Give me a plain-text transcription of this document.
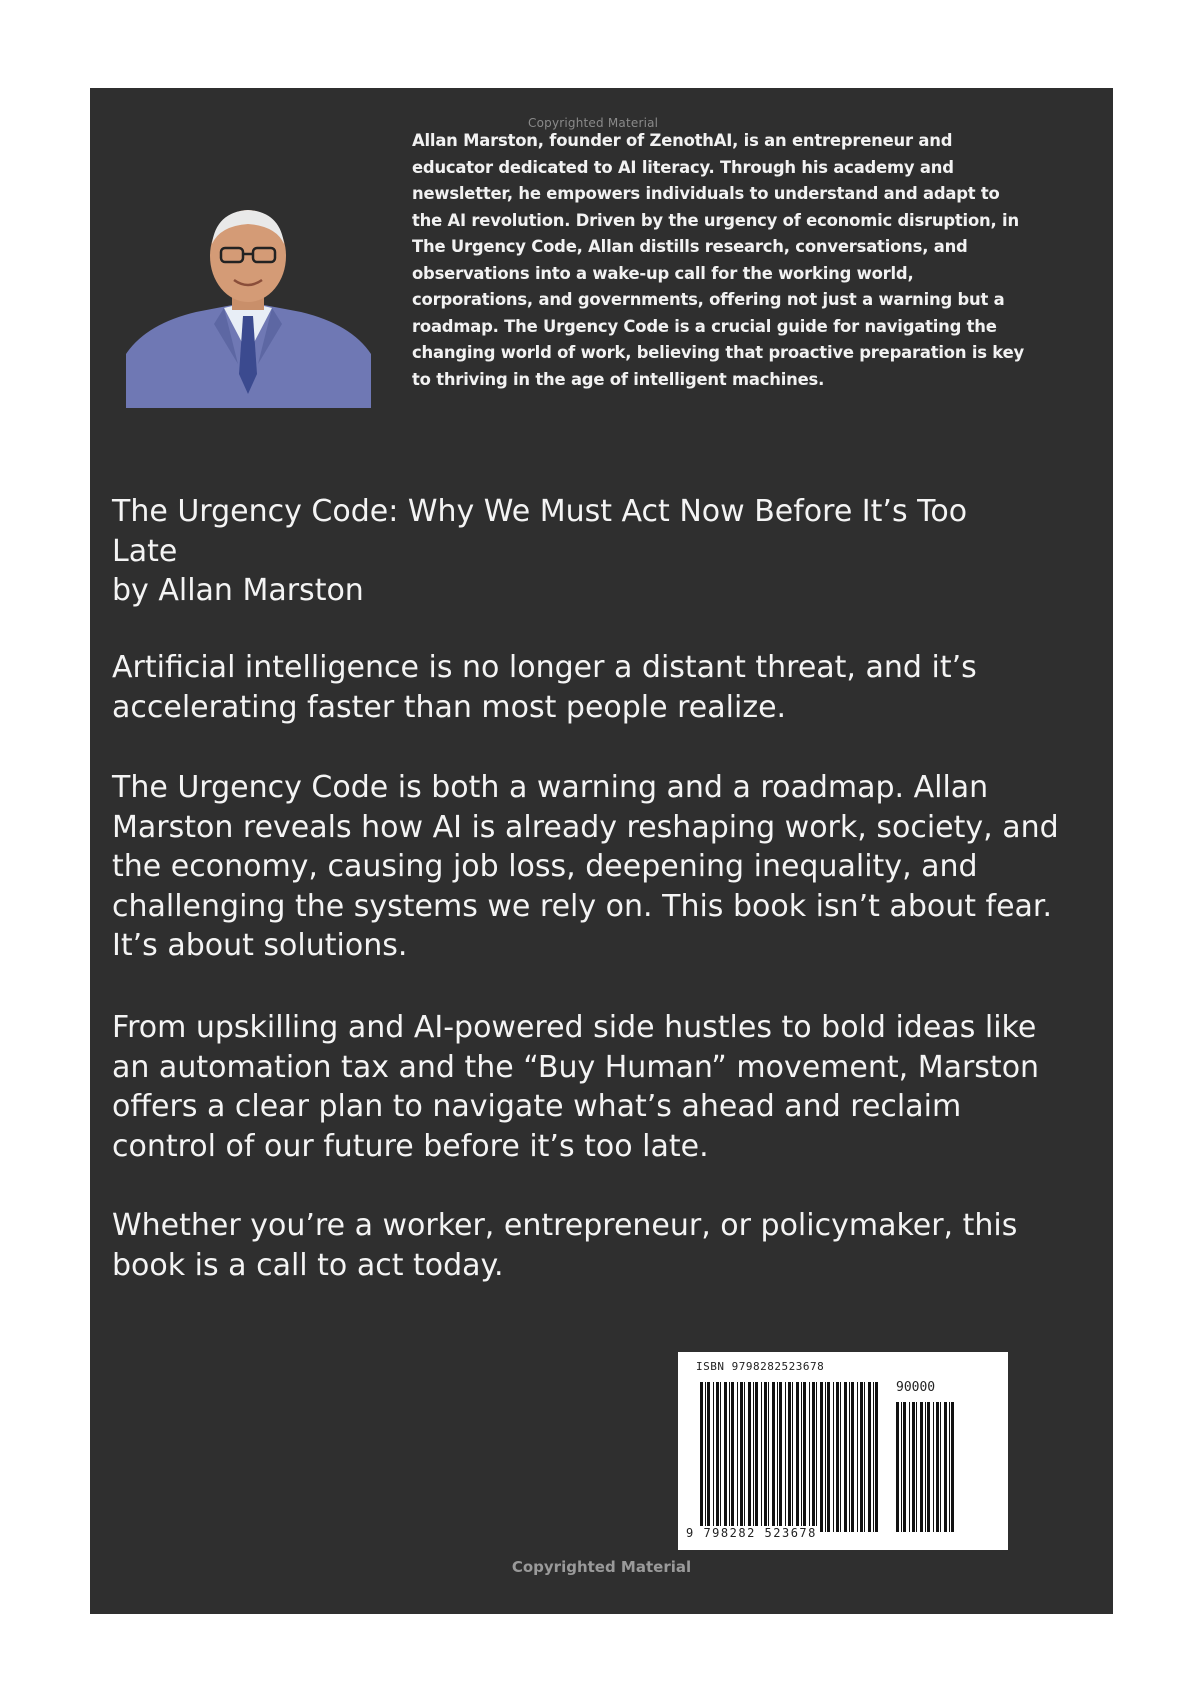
Copyrighted Material
Allan Marston, founder of ZenothAI, is an entrepreneur and educator dedicated to AI literacy. Through his academy and newsletter, he empowers individuals to understand and adapt to the AI revolution. Driven by the urgency of economic disruption, in The Urgency Code, Allan distills research, conversations, and observations into a wake-up call for the working world, corporations, and governments, offering not just a warning but a roadmap. The Urgency Code is a crucial guide for navigating the changing world of work, believing that proactive preparation is key to thriving in the age of intelligent machines.
The Urgency Code: Why We Must Act Now Before It’s Too Late
by Allan Marston

Artificial intelligence is no longer a distant threat, and it’s accelerating faster than most people realize.

The Urgency Code is both a warning and a roadmap. Allan Marston reveals how AI is already reshaping work, society, and the economy, causing job loss, deepening inequality, and challenging the systems we rely on. This book isn’t about fear. It’s about solutions.

From upskilling and AI-powered side hustles to bold ideas like an automation tax and the “Buy Human” movement, Marston offers a clear plan to navigate what’s ahead and reclaim control of our future before it’s too late.

Whether you’re a worker, entrepreneur, or policymaker, this book is a call to act today.

ISBN 9798282523678
90000
9 798282 523678
Copyrighted Material
